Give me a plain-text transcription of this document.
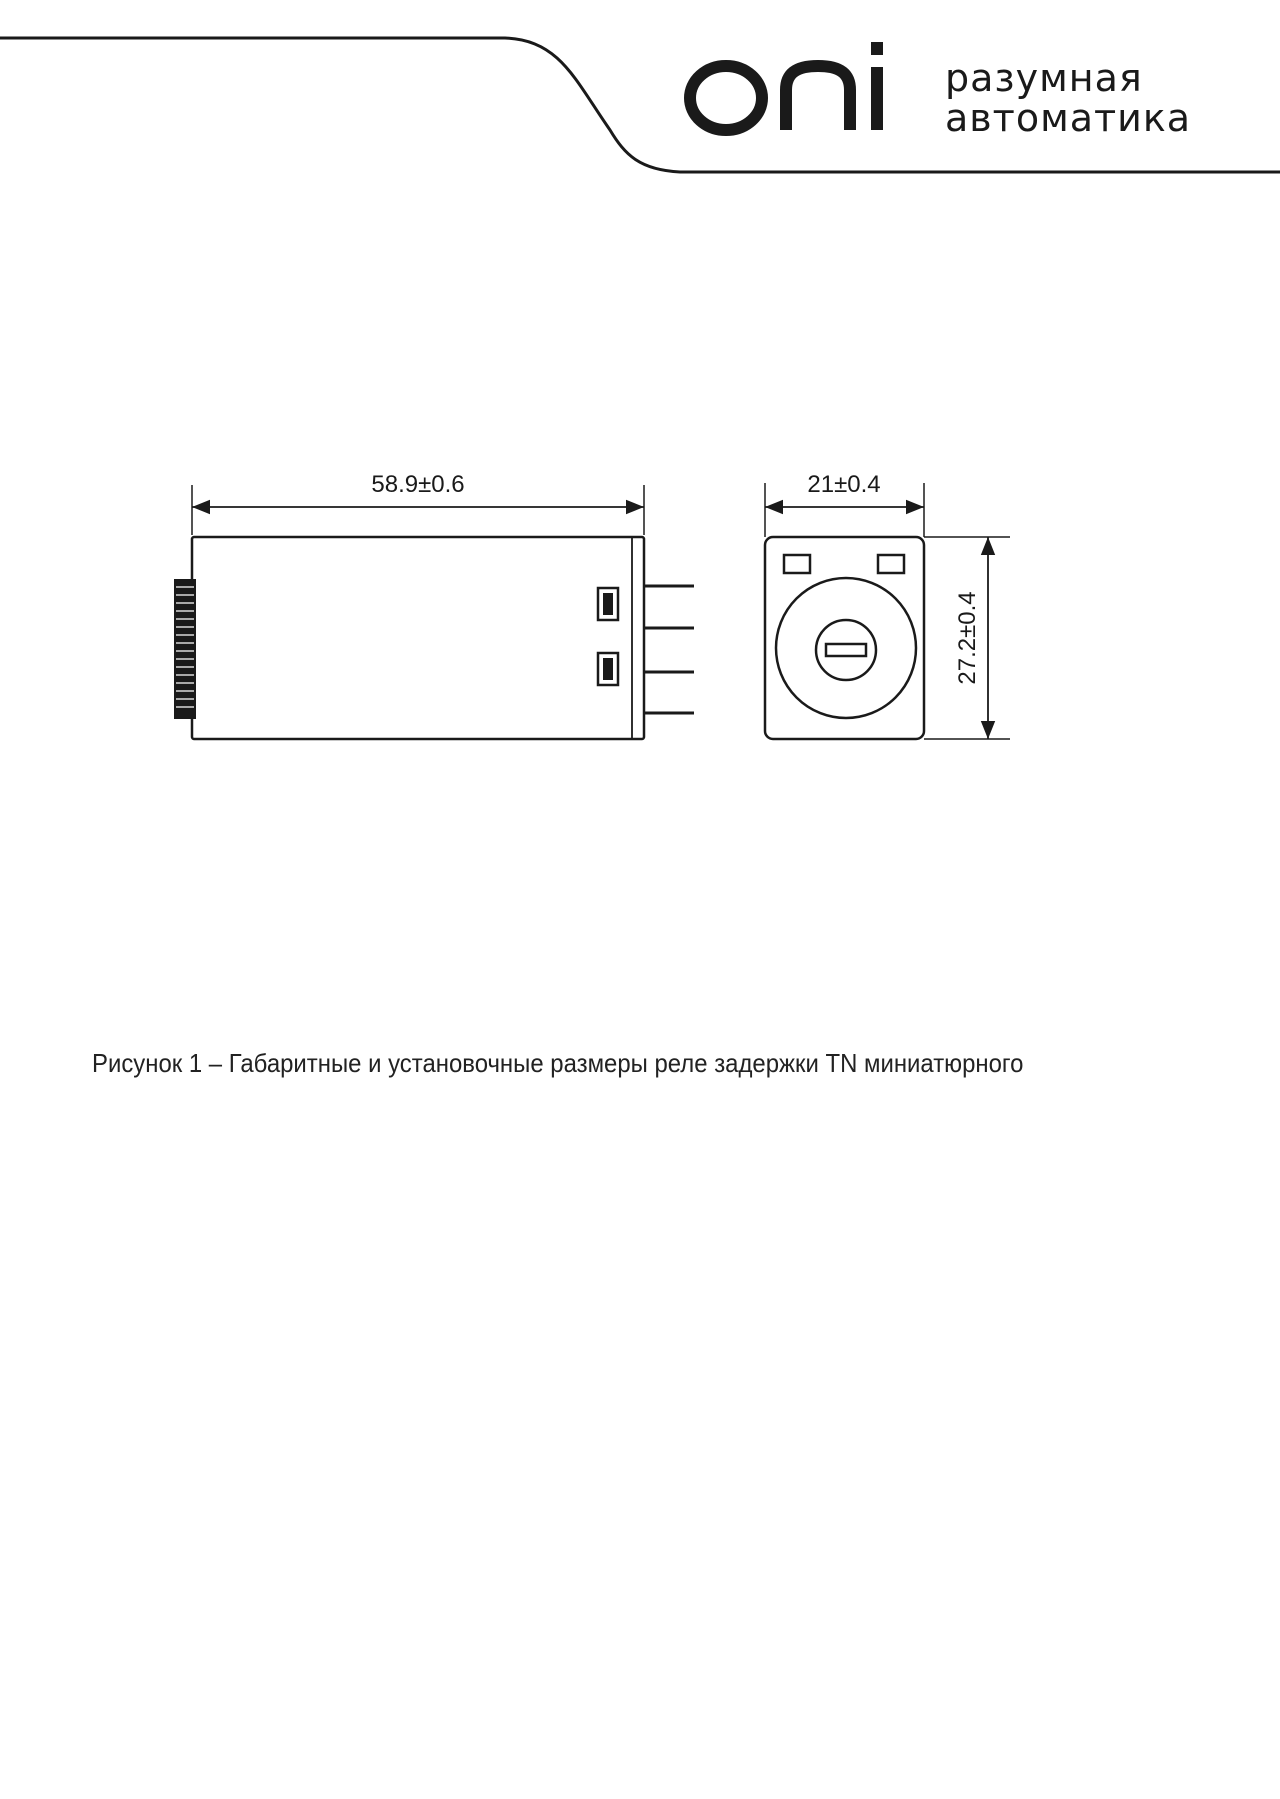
разумная
автоматика
58.9±0.6	21±0.4
27.2±0.4
Рисунок 1 – Габаритные и установочные размеры реле задержки TN миниатюрного
